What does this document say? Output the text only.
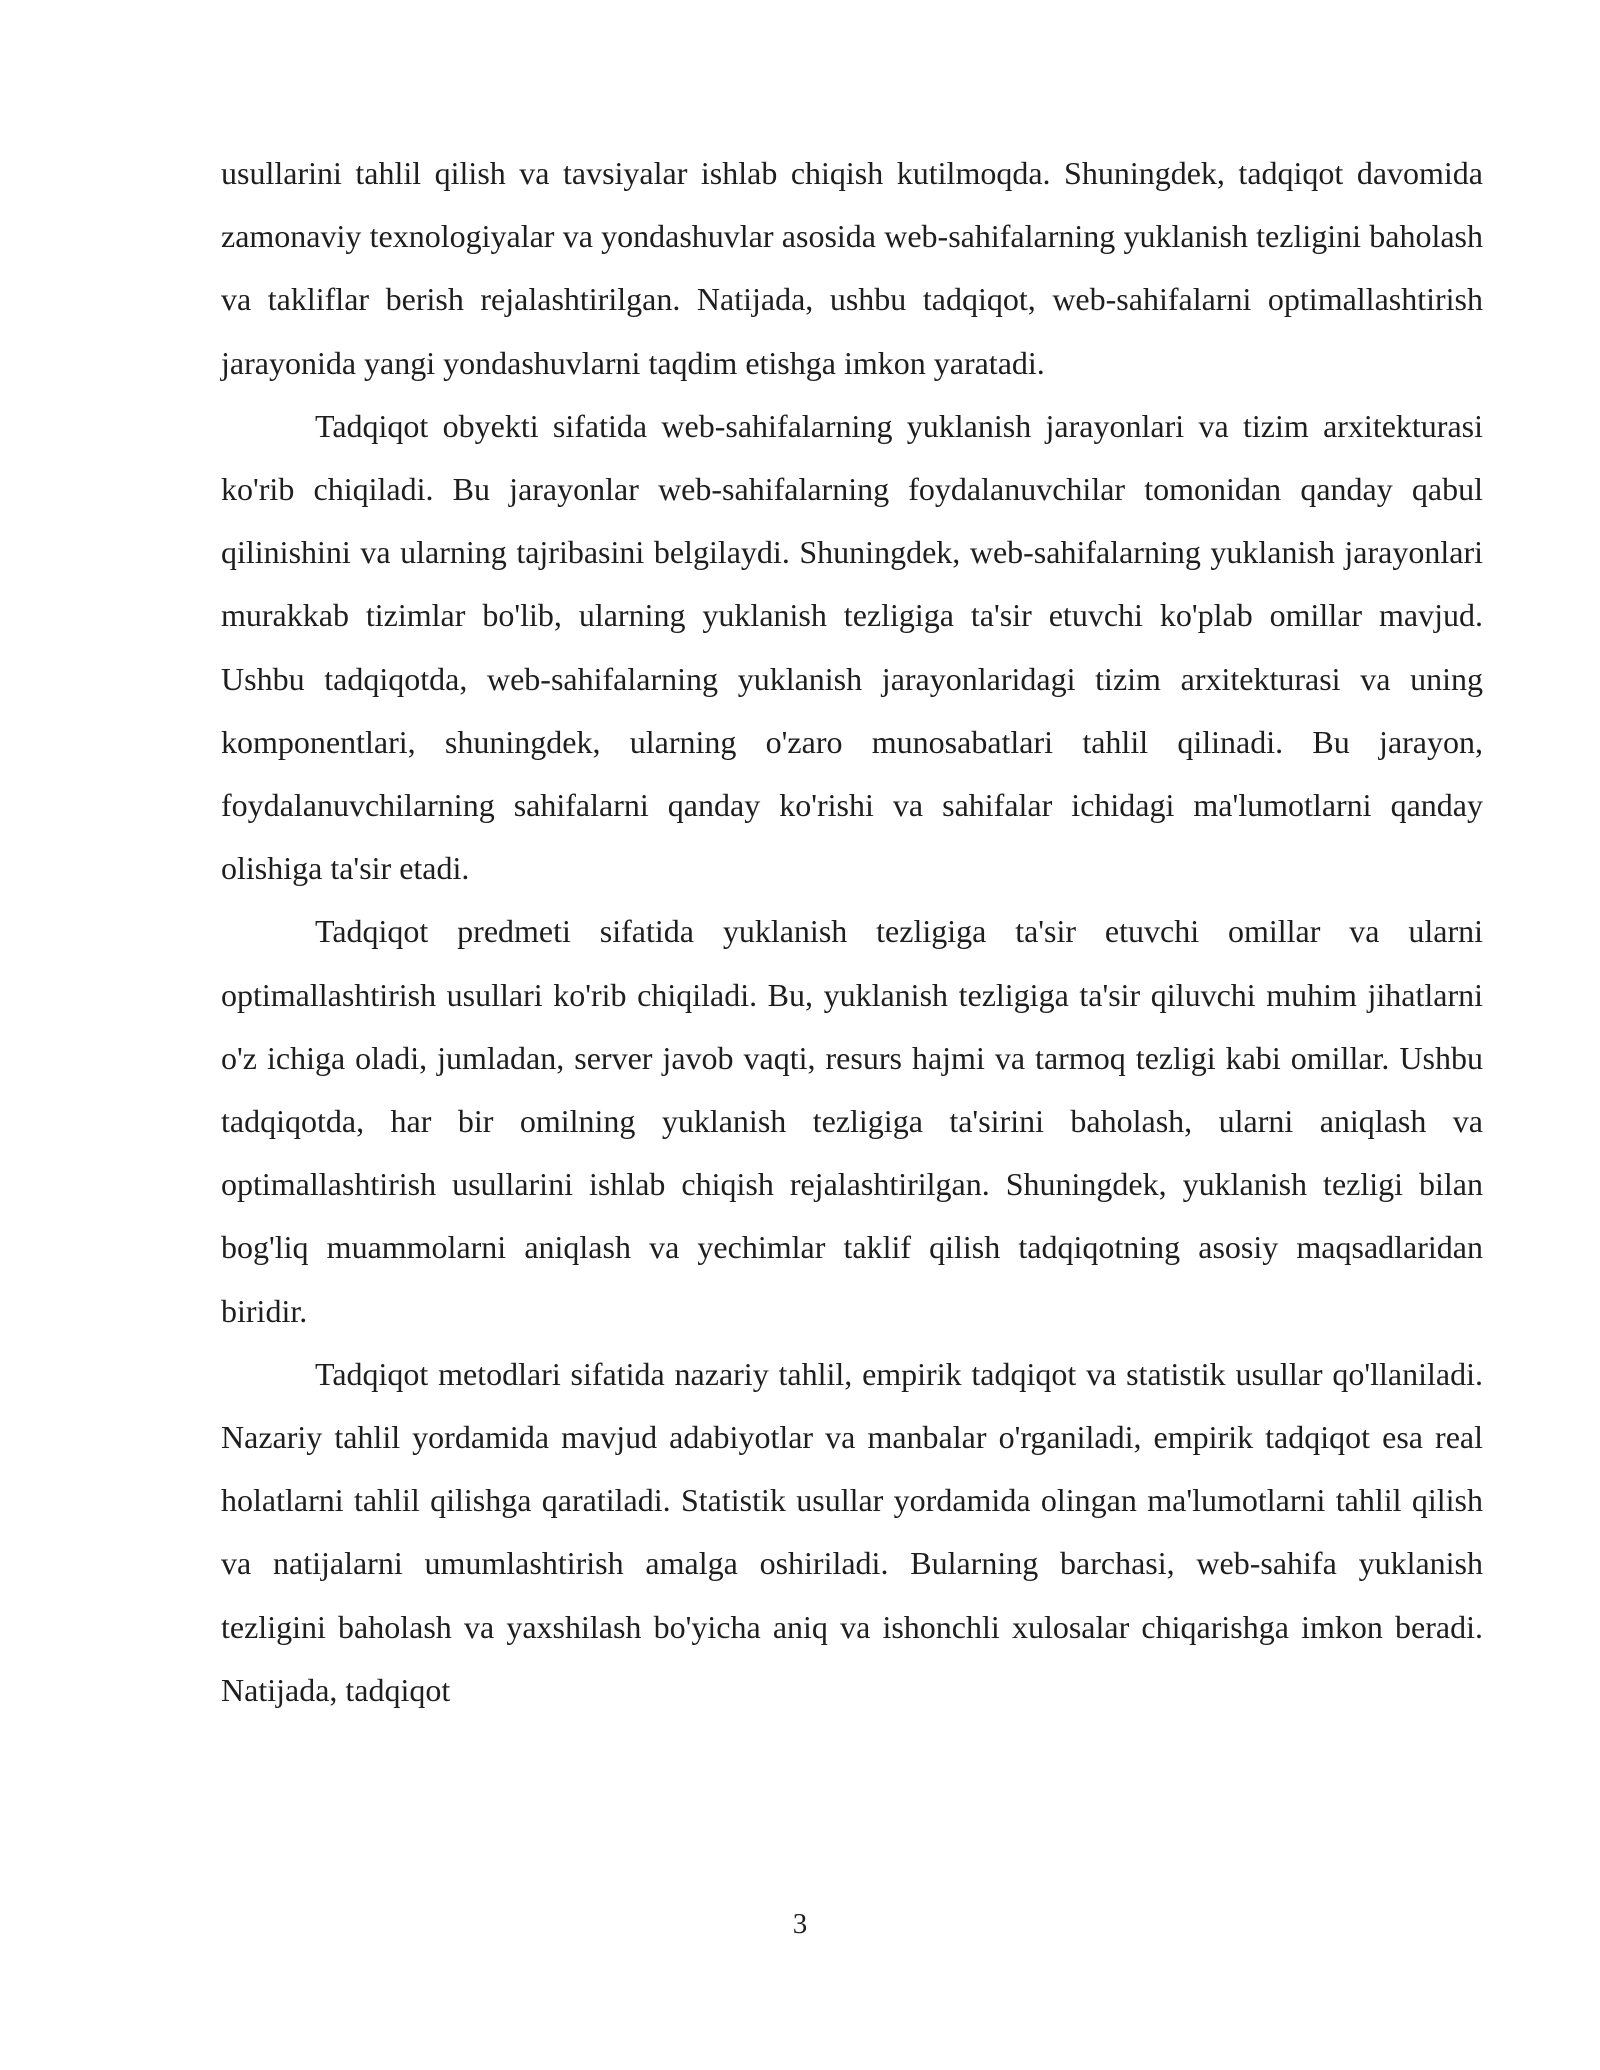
usullarini tahlil qilish va tavsiyalar ishlab chiqish kutilmoqda. Shuningdek, tadqiqot davomida zamonaviy texnologiyalar va yondashuvlar asosida web-sahifalarning yuklanish tezligini baholash va takliflar berish rejalashtirilgan. Natijada, ushbu tadqiqot, web-sahifalarni optimallashtirish jarayonida yangi yondashuvlarni taqdim etishga imkon yaratadi.

Tadqiqot obyekti sifatida web-sahifalarning yuklanish jarayonlari va tizim arxitekturasi ko'rib chiqiladi. Bu jarayonlar web-sahifalarning foydalanuvchilar tomonidan qanday qabul qilinishini va ularning tajribasini belgilaydi. Shuningdek, web-sahifalarning yuklanish jarayonlari murakkab tizimlar bo'lib, ularning yuklanish tezligiga ta'sir etuvchi ko'plab omillar mavjud. Ushbu tadqiqotda, web-sahifalarning yuklanish jarayonlaridagi tizim arxitekturasi va uning komponentlari, shuningdek, ularning o'zaro munosabatlari tahlil qilinadi. Bu jarayon, foydalanuvchilarning sahifalarni qanday ko'rishi va sahifalar ichidagi ma'lumotlarni qanday olishiga ta'sir etadi.

Tadqiqot predmeti sifatida yuklanish tezligiga ta'sir etuvchi omillar va ularni optimallashtirish usullari ko'rib chiqiladi. Bu, yuklanish tezligiga ta'sir qiluvchi muhim jihatlarni o'z ichiga oladi, jumladan, server javob vaqti, resurs hajmi va tarmoq tezligi kabi omillar. Ushbu tadqiqotda, har bir omilning yuklanish tezligiga ta'sirini baholash, ularni aniqlash va optimallashtirish usullarini ishlab chiqish rejalashtirilgan. Shuningdek, yuklanish tezligi bilan bog'liq muammolarni aniqlash va yechimlar taklif qilish tadqiqotning asosiy maqsadlaridan biridir.

Tadqiqot metodlari sifatida nazariy tahlil, empirik tadqiqot va statistik usullar qo'llaniladi. Nazariy tahlil yordamida mavjud adabiyotlar va manbalar o'rganiladi, empirik tadqiqot esa real holatlarni tahlil qilishga qaratiladi. Statistik usullar yordamida olingan ma'lumotlarni tahlil qilish va natijalarni umumlashtirish amalga oshiriladi. Bularning barchasi, web-sahifa yuklanish tezligini baholash va yaxshilash bo'yicha aniq va ishonchli xulosalar chiqarishga imkon beradi. Natijada, tadqiqot

3
